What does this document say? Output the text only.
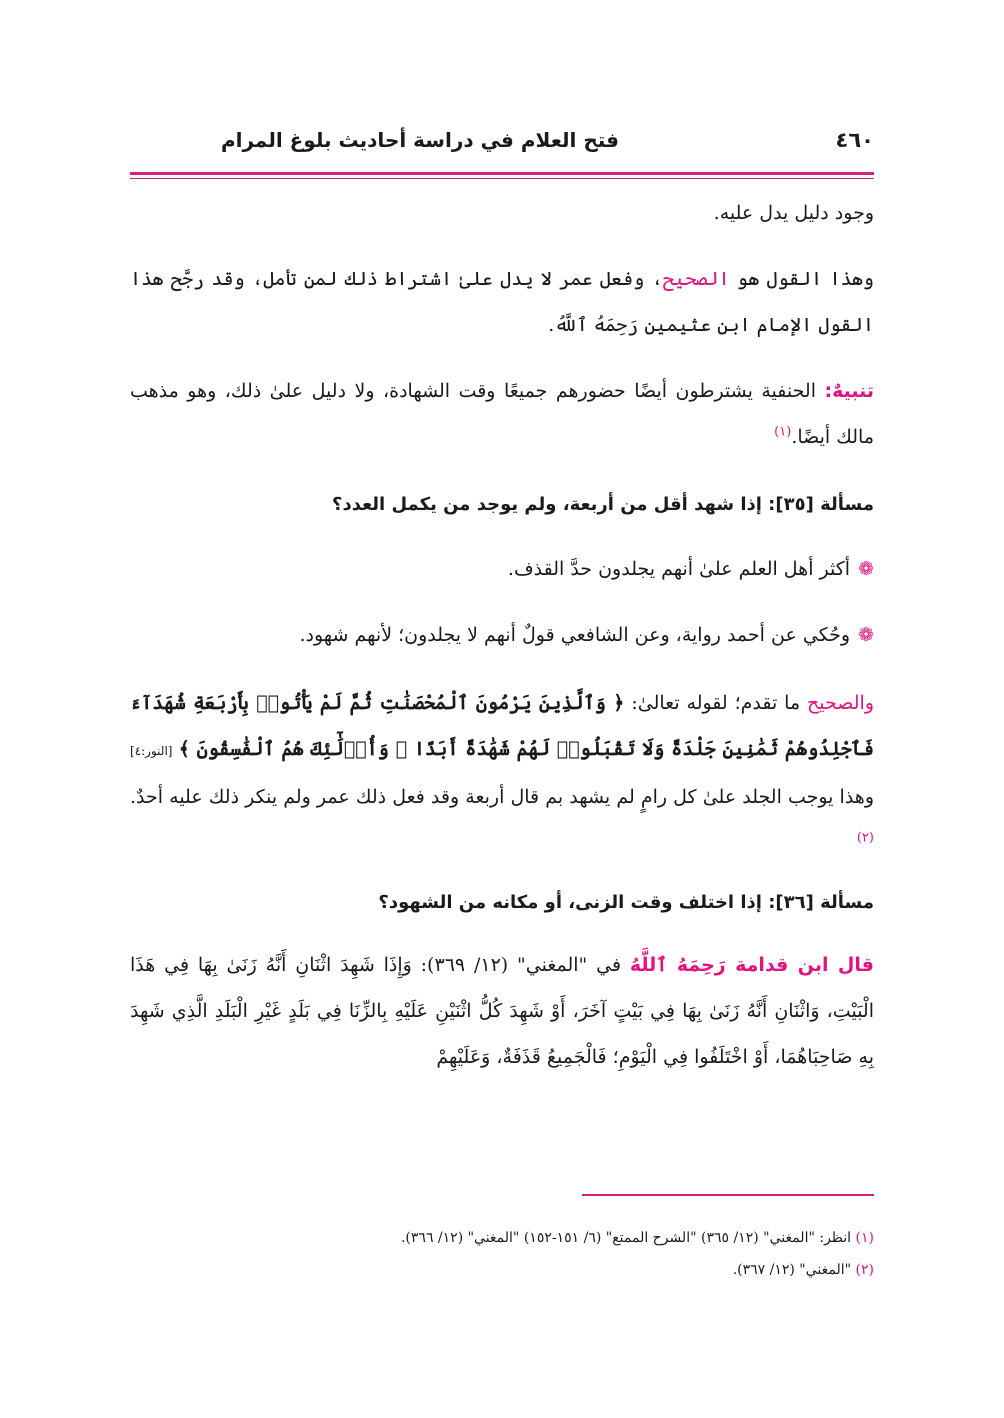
فتح العلام في دراسة أحاديث بلوغ المرام	٤٦٠

وجود دليل يدل عليه.

وهذا القول هو الصحيح، وفعل عمر لا يدل علىٰ اشتراط ذلك لمن تأمل، وقد رجَّح هذا القول الإمام ابن عثيمين رَحِمَهُ ٱللَّهُ.

تنبيهٌ: الحنفية يشترطون أيضًا حضورهم جميعًا وقت الشهادة، ولا دليل علىٰ ذلك، وهو مذهب مالك أيضًا.$^{(١)}$

مسألة [٣٥]: إذا شهد أقل من أربعة، ولم يوجد من يكمل العدد؟

❁أكثر أهل العلم علىٰ أنهم يجلدون حدَّ القذف.

❁وحُكي عن أحمد رواية، وعن الشافعي قولٌ أنهم لا يجلدون؛ لأنهم شهود.

والصحيح ما تقدم؛ لقوله تعالىٰ: ﴿ وَٱلَّذِينَ يَرْمُونَ ٱلْمُحْصَنَٰتِ ثُمَّ لَمْ يَأْتُوا۟ بِأَرْبَعَةِ شُهَدَآءَ فَٱجْلِدُوهُمْ ثَمَٰنِينَ جَلْدَةً وَلَا تَقْبَلُوا۟ لَهُمْ شَهَٰدَةً أَبَدًا ۚ وَأُو۟لَٰٓئِكَ هُمُ ٱلْفَٰسِقُونَ ﴾ [النور:٤] وهذا يوجب الجلد علىٰ كل رامٍ لم يشهد بم قال أربعة وقد فعل ذلك عمر ولم ينكر ذلك عليه أحدٌ.$^{(٢)}$

مسألة [٣٦]: إذا اختلف وقت الزنى، أو مكانه من الشهود؟

قال ابن قدامة رَحِمَهُ ٱللَّهُ في "المغني" (١٢/ ٣٦٩): وَإِذَا شَهِدَ اثْنَانِ أَنَّهُ زَنَىٰ بِهَا فِي هَذَا الْبَيْتِ، وَاثْنَانِ أَنَّهُ زَنَىٰ بِهَا فِي بَيْتٍ آخَرَ، أَوْ شَهِدَ كُلُّ اثْنَيْنِ عَلَيْهِ بِالزِّنَا فِي بَلَدٍ غَيْرِ الْبَلَدِ الَّذِي شَهِدَ بِهِ صَاحِبَاهُمَا، أَوْ اخْتَلَفُوا فِي الْيَوْمِ؛ فَالْجَمِيعُ قَذَفَةٌ، وَعَلَيْهِمْ

(١) انظر: "المغني" (١٢/ ٣٦٥) "الشرح الممتع" (٦/ ١٥١-١٥٢) "المغني" (١٢/ ٣٦٦).

(٢) "المغني" (١٢/ ٣٦٧).
